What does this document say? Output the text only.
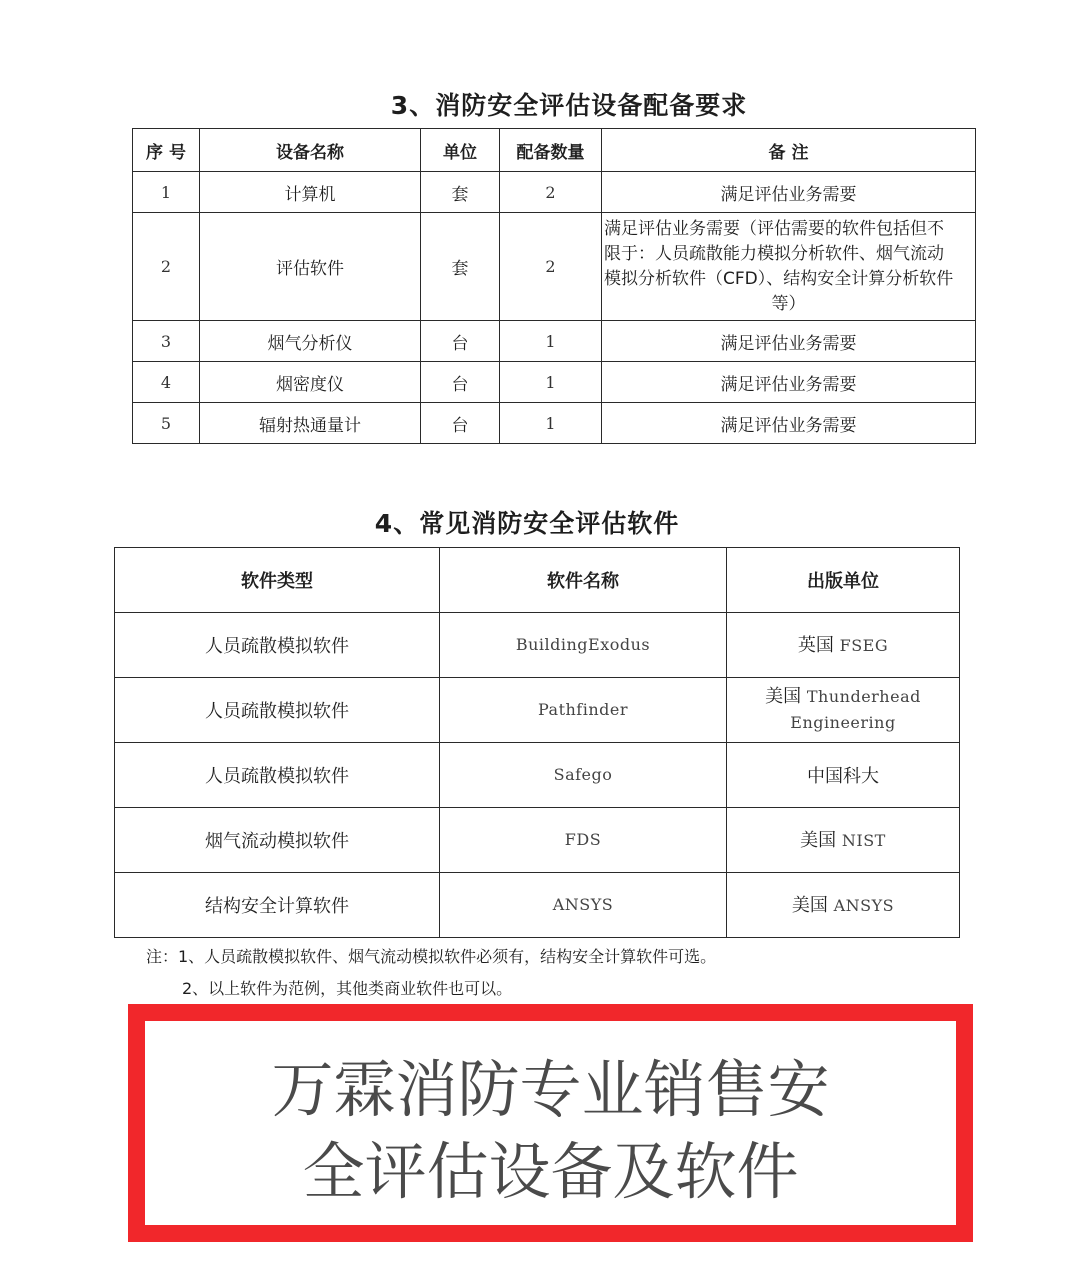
3、消防安全评估设备配备要求
序 号	设备名称	单位	配备数量	备 注
1	计算机	套	2	满足评估业务需要
2	评估软件	套	2	满足评估业务需要（评估需要的软件包括但不
限于：人员疏散能力模拟分析软件、烟气流动
模拟分析软件（CFD）、结构安全计算分析软件
等）

3	烟气分析仪	台	1	满足评估业务需要
4	烟密度仪	台	1	满足评估业务需要
5	辐射热通量计	台	1	满足评估业务需要
4、常见消防安全评估软件
软件类型	软件名称	出版单位
人员疏散模拟软件	BuildingExodus	英国 FSEG
人员疏散模拟软件	Pathfinder	美国 Thunderhead
Engineering
人员疏散模拟软件	Safego	中国科大
烟气流动模拟软件	FDS	美国 NIST
结构安全计算软件	ANSYS	美国 ANSYS
注：1、人员疏散模拟软件、烟气流动模拟软件必须有，结构安全计算软件可选。
2、以上软件为范例，其他类商业软件也可以。
万霖消防专业销售安
全评估设备及软件
